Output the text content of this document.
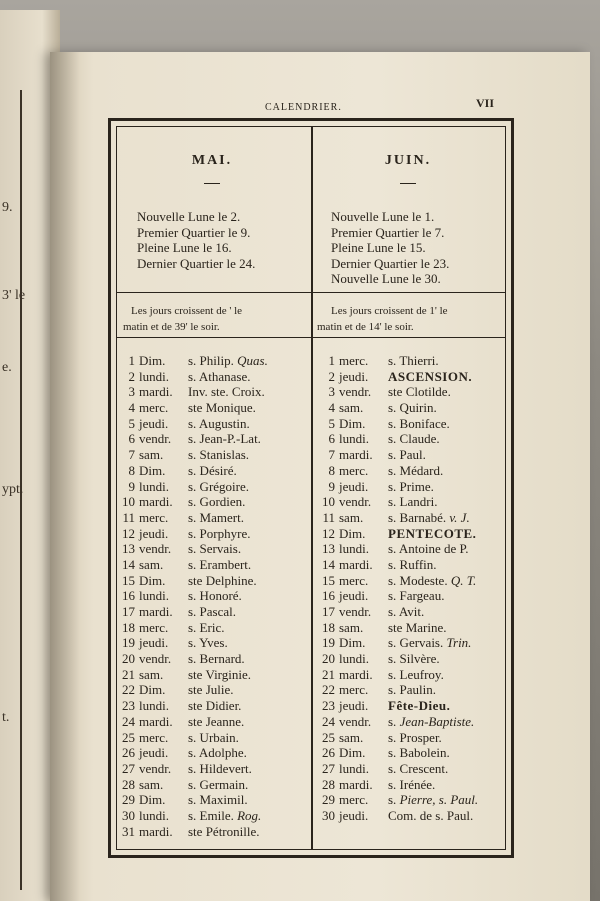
9.
3' le
e.
ypt.
t.
CALENDRIER.	VII
MAI.
Nouvelle Lune le 2.
Premier Quartier le 9.
Pleine Lune le 16.
Dernier Quartier le 24.
Les jours croissent de ' le
matin et de 39' le soir.
1 Dim. s. Philip. Quas.
2 lundi. s. Athanase.
3 mardi. Inv. ste. Croix.
4 merc. ste Monique.
5 jeudi. s. Augustin.
6 vendr. s. Jean-P.-Lat.
7 sam. s. Stanislas.
8 Dim. s. Désiré.
9 lundi. s. Grégoire.
10 mardi. s. Gordien.
11 merc. s. Mamert.
12 jeudi. s. Porphyre.
13 vendr. s. Servais.
14 sam. s. Erambert.
15 Dim. ste Delphine.
16 lundi. s. Honoré.
17 mardi. s. Pascal.
18 merc. s. Eric.
19 jeudi. s. Yves.
20 vendr. s. Bernard.
21 sam. ste Virginie.
22 Dim. ste Julie.
23 lundi. ste Didier.
24 mardi. ste Jeanne.
25 merc. s. Urbain.
26 jeudi. s. Adolphe.
27 vendr. s. Hildevert.
28 sam. s. Germain.
29 Dim. s. Maximil.
30 lundi. s. Emile. Rog.
31 mardi. ste Pétronille.
JUIN.
Nouvelle Lune le 1.
Premier Quartier le 7.
Pleine Lune le 15.
Dernier Quartier le 23.
Nouvelle Lune le 30.
Les jours croissent de 1' le
matin et de 14' le soir.
1 merc. s. Thierri.
2 jeudi. ASCENSION.
3 vendr. ste Clotilde.
4 sam. s. Quirin.
5 Dim. s. Boniface.
6 lundi. s. Claude.
7 mardi. s. Paul.
8 merc. s. Médard.
9 jeudi. s. Prime.
10 vendr. s. Landri.
11 sam. s. Barnabé. v. J.
12 Dim. PENTECOTE.
13 lundi. s. Antoine de P.
14 mardi. s. Ruffin.
15 merc. s. Modeste. Q. T.
16 jeudi. s. Fargeau.
17 vendr. s. Avit.
18 sam. ste Marine.
19 Dim. s. Gervais. Trin.
20 lundi. s. Silvère.
21 mardi. s. Leufroy.
22 merc. s. Paulin.
23 jeudi. Fête-Dieu.
24 vendr. s. Jean-Baptiste.
25 sam. s. Prosper.
26 Dim. s. Babolein.
27 lundi. s. Crescent.
28 mardi. s. Irénée.
29 merc. s. Pierre, s. Paul.
30 jeudi. Com. de s. Paul.
